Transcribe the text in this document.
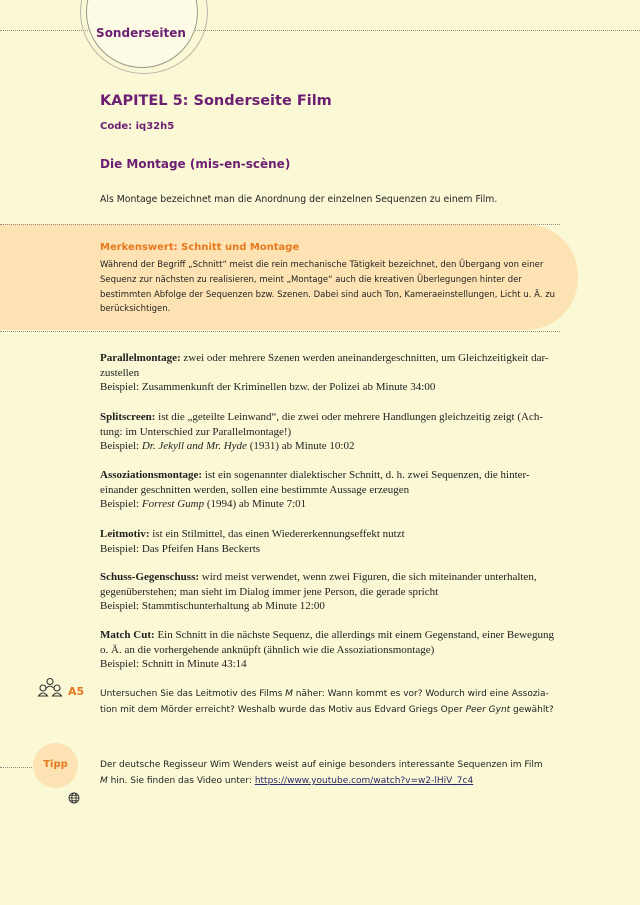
Sonderseiten
KAPITEL 5: Sonderseite Film
Code: iq32h5
Die Montage (mis-en-scène)
Als Montage bezeichnet man die Anordnung der einzelnen Sequenzen zu einem Film.
Merkenswert: Schnitt und Montage
Während der Begriff „Schnitt“ meist die rein mechanische Tätigkeit bezeichnet, den Übergang von einer
Sequenz zur nächsten zu realisieren, meint „Montage“ auch die kreativen Überlegungen hinter der
bestimmten Abfolge der Sequenzen bzw. Szenen. Dabei sind auch Ton, Kameraeinstellungen, Licht u. Ä. zu
berücksichtigen.
Parallelmontage: zwei oder mehrere Szenen werden aneinandergeschnitten, um Gleichzeitigkeit dar-
zustellen
Beispiel: Zusammenkunft der Kriminellen bzw. der Polizei ab Minute 34:00
Splitscreen: ist die „geteilte Leinwand“, die zwei oder mehrere Handlungen gleichzeitig zeigt (Ach-
tung: im Unterschied zur Parallelmontage!)
Beispiel: Dr. Jekyll and Mr. Hyde (1931) ab Minute 10:02
Assoziationsmontage: ist ein sogenannter dialektischer Schnitt, d. h. zwei Sequenzen, die hinter-
einander geschnitten werden, sollen eine bestimmte Aussage erzeugen
Beispiel: Forrest Gump (1994) ab Minute 7:01
Leitmotiv: ist ein Stilmittel, das einen Wiedererkennungseffekt nutzt
Beispiel: Das Pfeifen Hans Beckerts
Schuss-Gegenschuss: wird meist verwendet, wenn zwei Figuren, die sich miteinander unterhalten,
gegenüberstehen; man sieht im Dialog immer jene Person, die gerade spricht
Beispiel: Stammtischunterhaltung ab Minute 12:00
Match Cut: Ein Schnitt in die nächste Sequenz, die allerdings mit einem Gegenstand, einer Bewegung
o. Ä. an die vorhergehende anknüpft (ähnlich wie die Assoziationsmontage)
Beispiel: Schnitt in Minute 43:14
A5 Untersuchen Sie das Leitmotiv des Films M näher: Wann kommt es vor? Wodurch wird eine Assozia-
tion mit dem Mörder erreicht? Weshalb wurde das Motiv aus Edvard Griegs Oper Peer Gynt gewählt?
Tipp	Der deutsche Regisseur Wim Wenders weist auf einige besonders interessante Sequenzen im Film
M hin. Sie finden das Video unter: https://www.youtube.com/watch?v=w2-lHiV_7c4
